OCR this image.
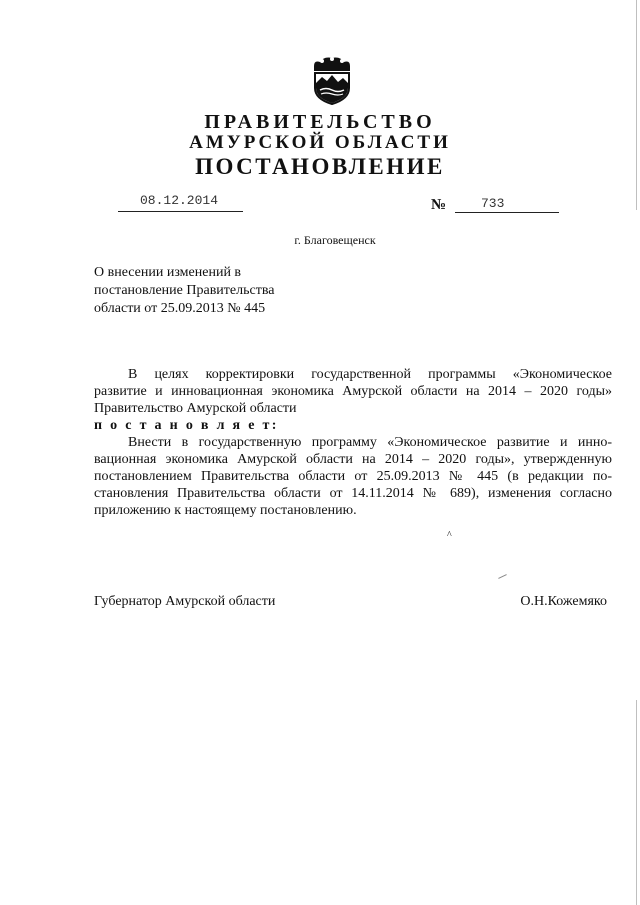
ПРАВИТЕЛЬСТВО
АМУРСКОЙ ОБЛАСТИ
ПОСТАНОВЛЕНИЕ
08.12.2014	№	733
г. Благовещенск
О внесении изменений в
постановление Правительства
области от 25.09.2013 № 445
В целях корректировки государственной программы «Экономическое
развитие и инновационная экономика Амурской области на 2014 – 2020 годы»
Правительство Амурской области
п о с т а н о в л я е т:
Внести в государственную программу «Экономическое развитие и инно-
вационная экономика Амурской области на 2014 – 2020 годы», утвержденную
постановлением Правительства области от 25.09.2013 № 445 (в редакции по-
становления Правительства области от 14.11.2014 № 689), изменения согласно
приложению к настоящему постановлению.
^
Губернатор Амурской области	О.Н.Кожемяко
